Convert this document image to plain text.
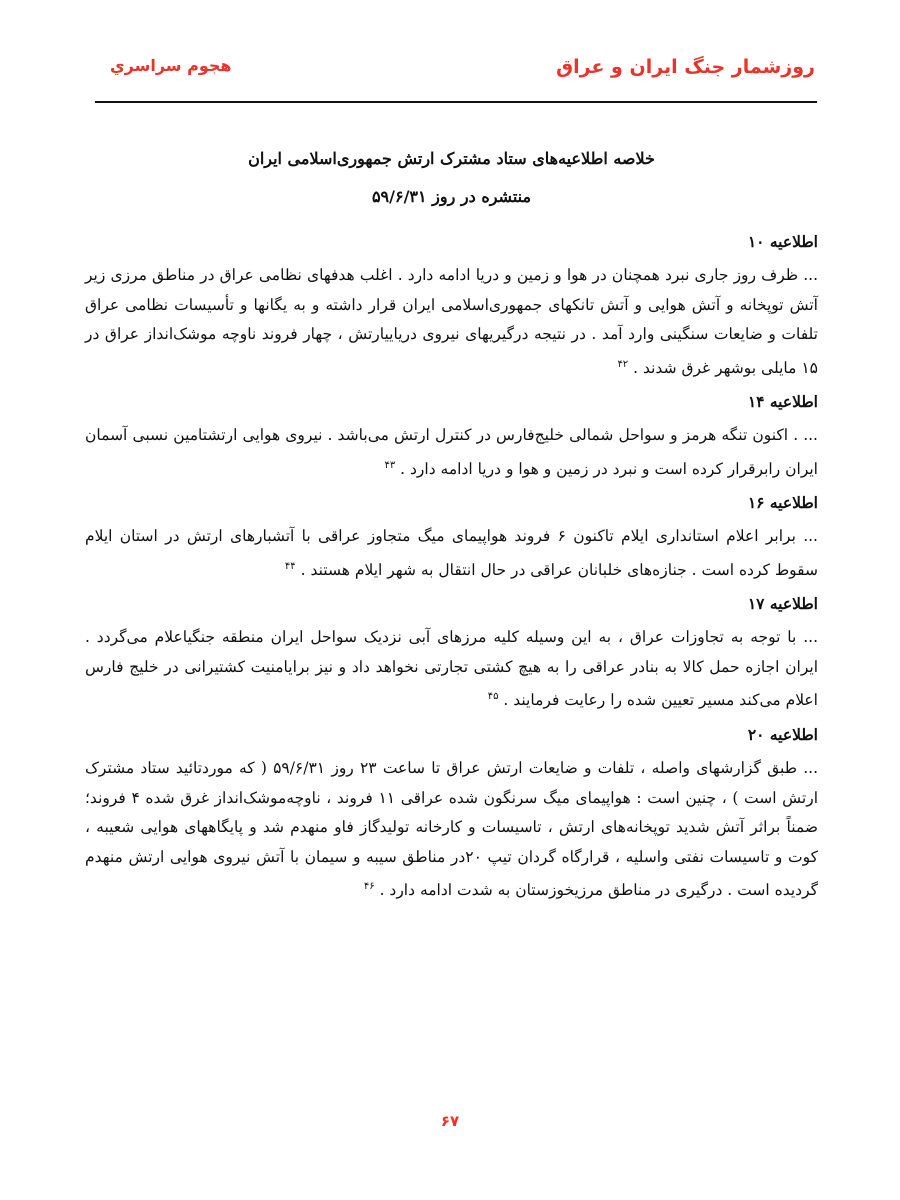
روزشمار جنگ ایران و عراق
هجوم سراسري
خلاصه اطلاعیه‌های ستاد مشترک ارتش جمهوری‌اسلامی ایران
منتشره در روز ۵۹/۶/۳۱
اطلاعیه ۱۰

... ظرف روز جاری نبرد همچنان در هوا و زمین و دریا ادامه دارد . اغلب هدفهای نظامی عراق در مناطق مرزی زیر آتش توپخانه و آتش هوایی و آتش تانکهای جمهوری‌اسلامی ایران قرار داشته و به یگانها و تأسیسات نظامی عراق تلفات و ضایعات سنگینی وارد آمد . در نتیجه درگیریهای نیروی دریاییارتش ، چهار فروند ناوچه موشک‌انداز عراق در ۱۵ مایلی بوشهر غرق شدند . $^{۴۲}$

اطلاعیه ۱۴

... . اکنون تنگه هرمز و سواحل شمالی خلیج‌فارس در کنترل ارتش می‌باشد . نیروی هوایی ارتشتامین نسبی آسمان ایران رابرقرار کرده است و نبرد در زمین و هوا و دریا ادامه دارد . $^{۴۳}$

اطلاعیه ۱۶

... برابر اعلام استانداری ایلام تاکنون ۶ فروند هواپیمای میگ متجاوز عراقی با آتشبارهای ارتش در استان ایلام سقوط کرده است . جنازه‌های خلبانان عراقی در حال انتقال به شهر ایلام هستند . $^{۴۴}$

اطلاعیه ۱۷

... با توجه به تجاوزات عراق ، به این وسیله کلیه مرزهای آبی نزدیک سواحل ایران منطقه جنگیاعلام می‌گردد . ایران اجازه حمل کالا به بنادر عراقی را به هیچ کشتی تجارتی نخواهد داد و نیز برایامنیت کشتیرانی در خلیج فارس اعلام می‌کند مسیر تعیین شده را رعایت فرمایند . $^{۴۵}$

اطلاعیه ۲۰

... طبق گزارشهای واصله ، تلفات و ضایعات ارتش عراق تا ساعت ۲۳ روز ۵۹/۶/۳۱ ( که موردتائید ستاد مشترک ارتش است ) ، چنین است : هواپیمای میگ سرنگون شده عراقی ۱۱ فروند ، ناوچه‌موشک‌انداز غرق شده ۴ فروند؛ ضمناً براثر آتش شدید توپخانه‌های ارتش ، تاسیسات و کارخانه تولیدگاز فاو منهدم شد و پایگاههای هوایی شعیبه ، کوت و تاسیسات نفتی واسلیه ، قرارگاه گردان تیپ ۲۰در مناطق سیبه و سیمان با آتش نیروی هوایی ارتش منهدم گردیده است . درگیری در مناطق مرزیخوزستان به شدت ادامه دارد . $^{۴۶}$

۶۷
